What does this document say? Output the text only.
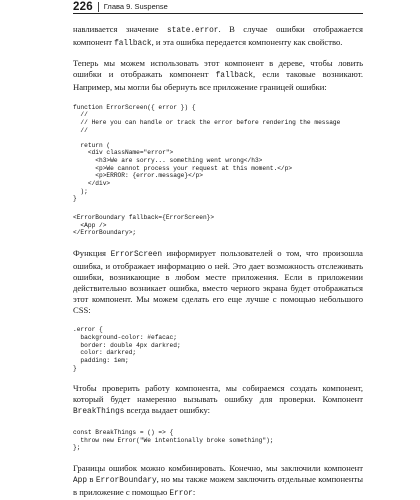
226 Глава 9. Suspense

навливается значение state.error. В случае ошибки отображается компонент fallback, и эта ошибка передается компоненту как свойство.

Теперь мы можем использовать этот компонент в дереве, чтобы ловить ошибки и отображать компонент fallback, если таковые возникают. Например, мы могли бы обернуть все приложение границей ошибки:

function ErrorScreen({ error }) {
//
// Here you can handle or track the error before rendering the message
//

return (
<div className="error">
<h3>We are sorry... something went wrong</h3>
<p>We cannot process your request at this moment.</p>
<p>ERROR: {error.message}</p>
</div>
);
}
<ErrorBoundary fallback={ErrorScreen}>
<App />
</ErrorBoundary>;

Функция ErrorScreen информирует пользователей о том, что произошла ошибка, и отображает информацию о ней. Это дает возможность отслеживать ошибки, возникающие в любом месте приложения. Если в приложении действительно возникает ошибка, вместо черного экрана будет отображаться этот компонент. Мы можем сделать его еще лучше с помощью небольшого CSS:

.error {
background-color: #efacac;
border: double 4px darkred;
color: darkred;
padding: 1em;
}

Чтобы проверить работу компонента, мы собираемся создать компонент, который будет намеренно вызывать ошибку для проверки. Компонент BreakThings всегда выдает ошибку:

const BreakThings = () => {
throw new Error("We intentionally broke something");
};

Границы ошибок можно комбинировать. Конечно, мы заключили компонент App в ErrorBoundary, но мы также можем заключить отдельные компоненты в приложение с помощью Error:
